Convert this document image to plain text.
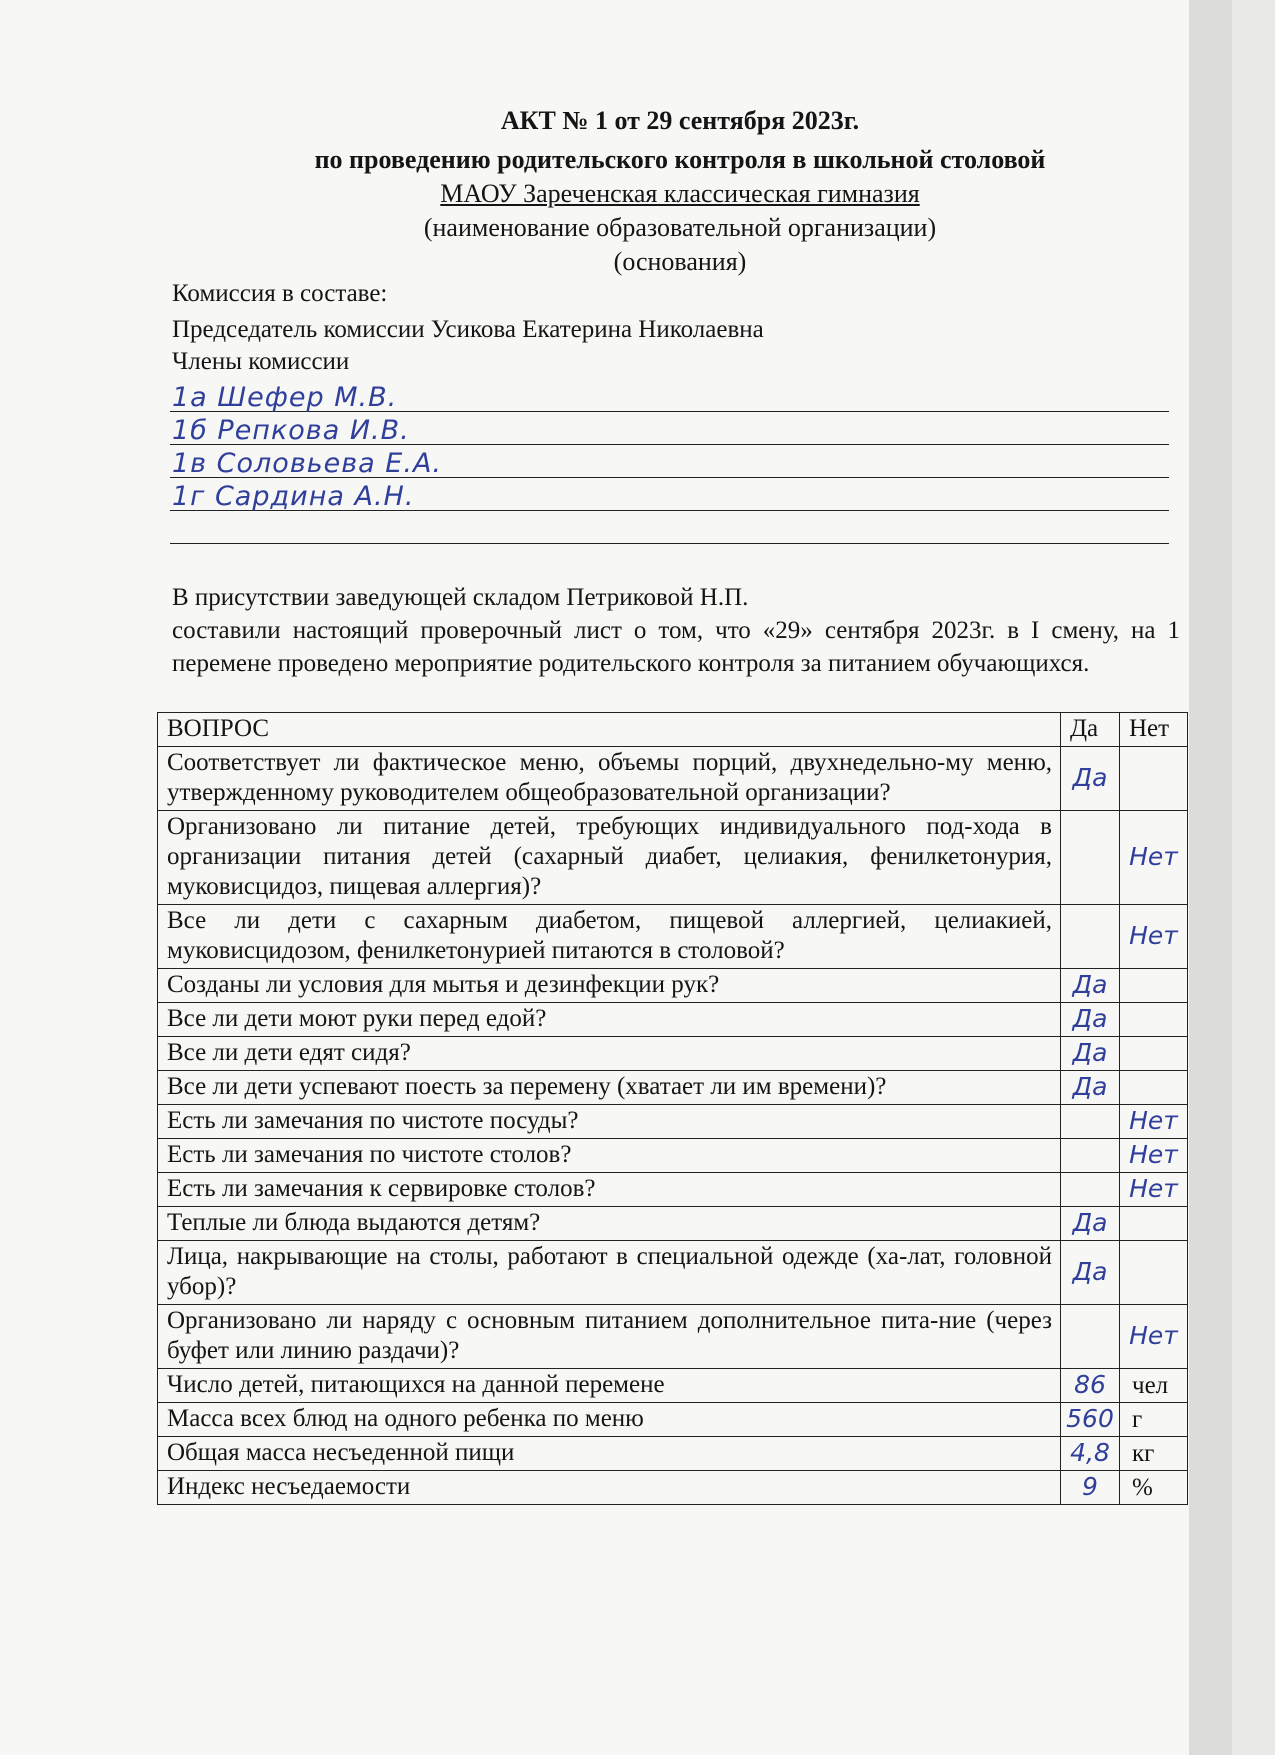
АКТ № 1 от 29 сентября 2023г.
по проведению родительского контроля в школьной столовой
МАОУ Зареченская классическая гимназия
(наименование образовательной организации)
(основания)
Комиссия в составе:
Председатель комиссии Усикова Екатерина Николаевна
Члены комиссии
1а Шефер М.В.
1б Репкова И.В.
1в Соловьева Е.А.
1г Сардина А.Н.
В присутствии заведующей складом Петриковой Н.П.
составили настоящий проверочный лист о том, что «29» сентября 2023г. в I смену, на 1 перемене проведено мероприятие родительского контроля за питанием обучающихся.
ВОПРОС	Да	Нет
Соответствует ли фактическое меню, объемы порций, двухнедельно-му меню, утвержденному руководителем общеобразовательной организации?	Да	
Организовано ли питание детей, требующих индивидуального под-хода в организации питания детей (сахарный диабет, целиакия, фенилкетонурия, муковисцидоз, пищевая аллергия)?		Нет
Все ли дети с сахарным диабетом, пищевой аллергией, целиакией, муковисцидозом, фенилкетонурией питаются в столовой?		Нет
Созданы ли условия для мытья и дезинфекции рук?	Да	
Все ли дети моют руки перед едой?	Да	
Все ли дети едят сидя?	Да	
Все ли дети успевают поесть за перемену (хватает ли им времени)?	Да	
Есть ли замечания по чистоте посуды?		Нет
Есть ли замечания по чистоте столов?		Нет
Есть ли замечания к сервировке столов?		Нет
Теплые ли блюда выдаются детям?	Да	
Лица, накрывающие на столы, работают в специальной одежде (ха-лат, головной убор)?	Да	
Организовано ли наряду с основным питанием дополнительное пита-ние (через буфет или линию раздачи)?		Нет
Число детей, питающихся на данной перемене	86	чел
Масса всех блюд на одного ребенка по меню	560	г
Общая масса несъеденной пищи	4,8	кг
Индекс несъедаемости	9	%
